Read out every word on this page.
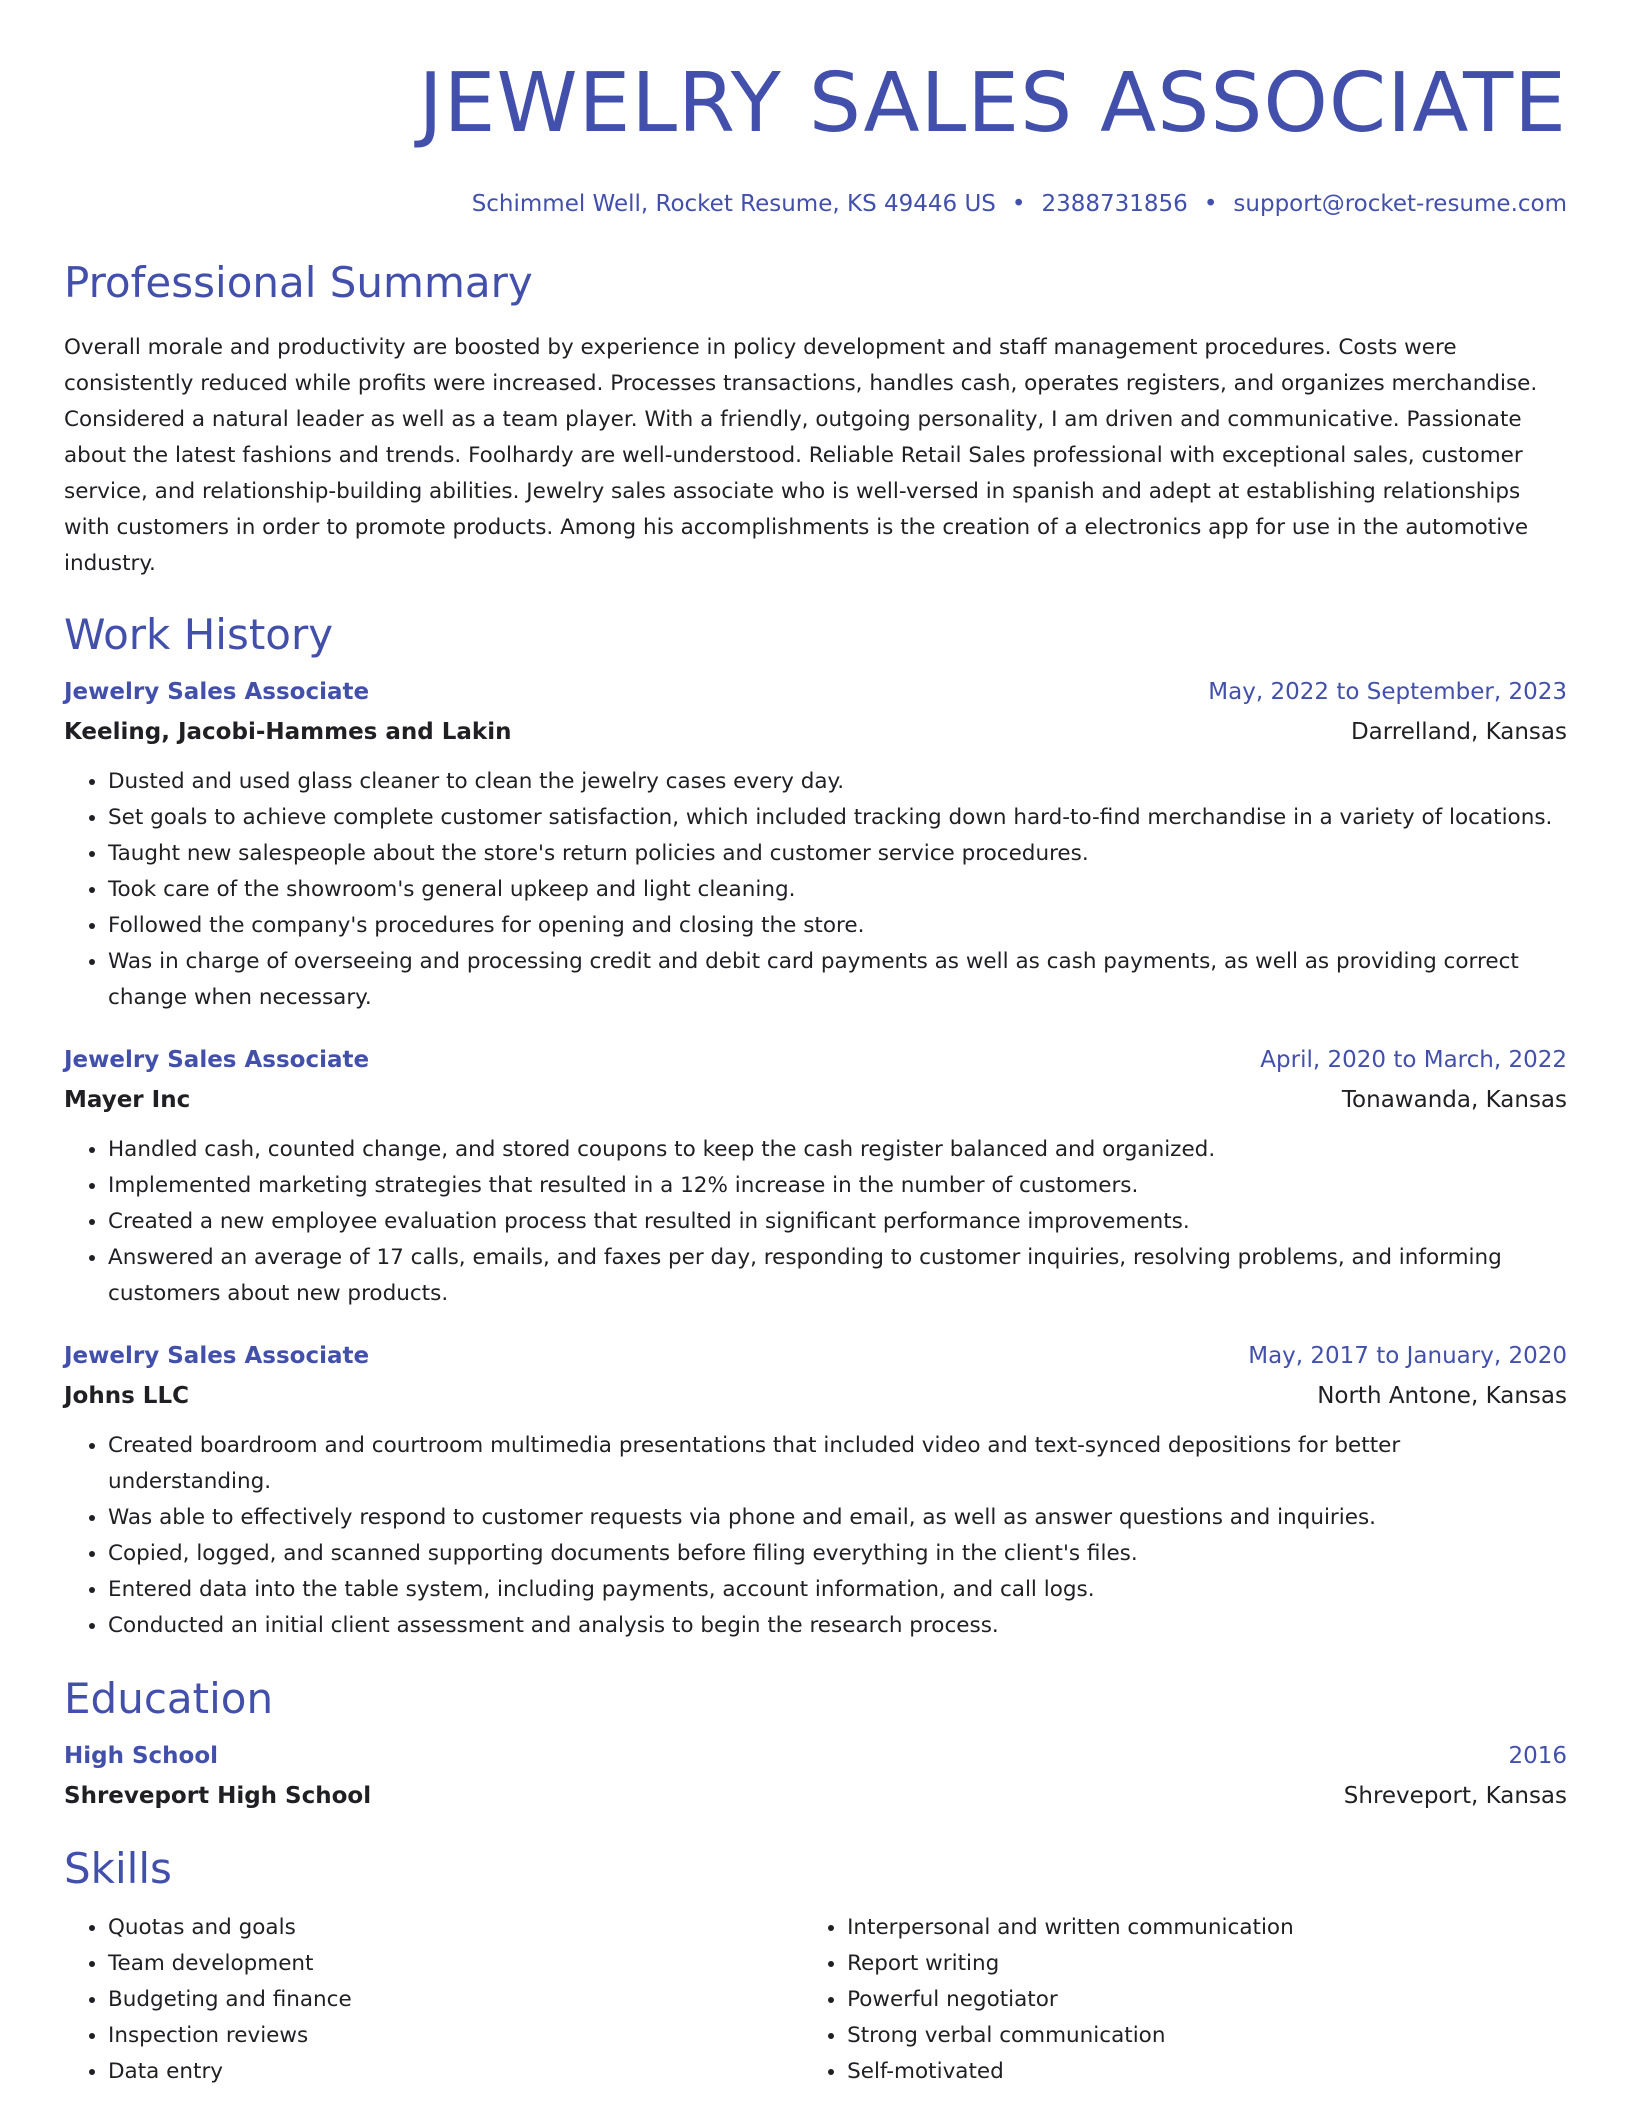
JEWELRY SALES ASSOCIATE
Schimmel Well, Rocket Resume, KS 49446 US • 2388731856 • support@rocket-resume.com
Professional Summary
Overall morale and productivity are boosted by experience in policy development and staff management procedures. Costs were consistently reduced while profits were increased. Processes transactions, handles cash, operates registers, and organizes merchandise. Considered a natural leader as well as a team player. With a friendly, outgoing personality, I am driven and communicative. Passionate about the latest fashions and trends. Foolhardy are well-understood. Reliable Retail Sales professional with exceptional sales, customer service, and relationship-building abilities. Jewelry sales associate who is well-versed in spanish and adept at establishing relationships with customers in order to promote products. Among his accomplishments is the creation of a electronics app for use in the automotive industry.
Work History
Jewelry Sales Associate	May, 2022 to September, 2023
Keeling, Jacobi-Hammes and Lakin	Darrelland, Kansas
• Dusted and used glass cleaner to clean the jewelry cases every day.
• Set goals to achieve complete customer satisfaction, which included tracking down hard-to-find merchandise in a variety of locations.
• Taught new salespeople about the store's return policies and customer service procedures.
• Took care of the showroom's general upkeep and light cleaning.
• Followed the company's procedures for opening and closing the store.
• Was in charge of overseeing and processing credit and debit card payments as well as cash payments, as well as providing correct change when necessary.
Jewelry Sales Associate	April, 2020 to March, 2022
Mayer Inc	Tonawanda, Kansas
• Handled cash, counted change, and stored coupons to keep the cash register balanced and organized.
• Implemented marketing strategies that resulted in a 12% increase in the number of customers.
• Created a new employee evaluation process that resulted in significant performance improvements.
• Answered an average of 17 calls, emails, and faxes per day, responding to customer inquiries, resolving problems, and informing customers about new products.
Jewelry Sales Associate	May, 2017 to January, 2020
Johns LLC	North Antone, Kansas
• Created boardroom and courtroom multimedia presentations that included video and text-synced depositions for better understanding.
• Was able to effectively respond to customer requests via phone and email, as well as answer questions and inquiries.
• Copied, logged, and scanned supporting documents before filing everything in the client's files.
• Entered data into the table system, including payments, account information, and call logs.
• Conducted an initial client assessment and analysis to begin the research process.
Education
High School	2016
Shreveport High School	Shreveport, Kansas
Skills
• Quotas and goals
• Team development
• Budgeting and finance
• Inspection reviews
• Data entry
• Interpersonal and written communication
• Report writing
• Powerful negotiator
• Strong verbal communication
• Self-motivated
